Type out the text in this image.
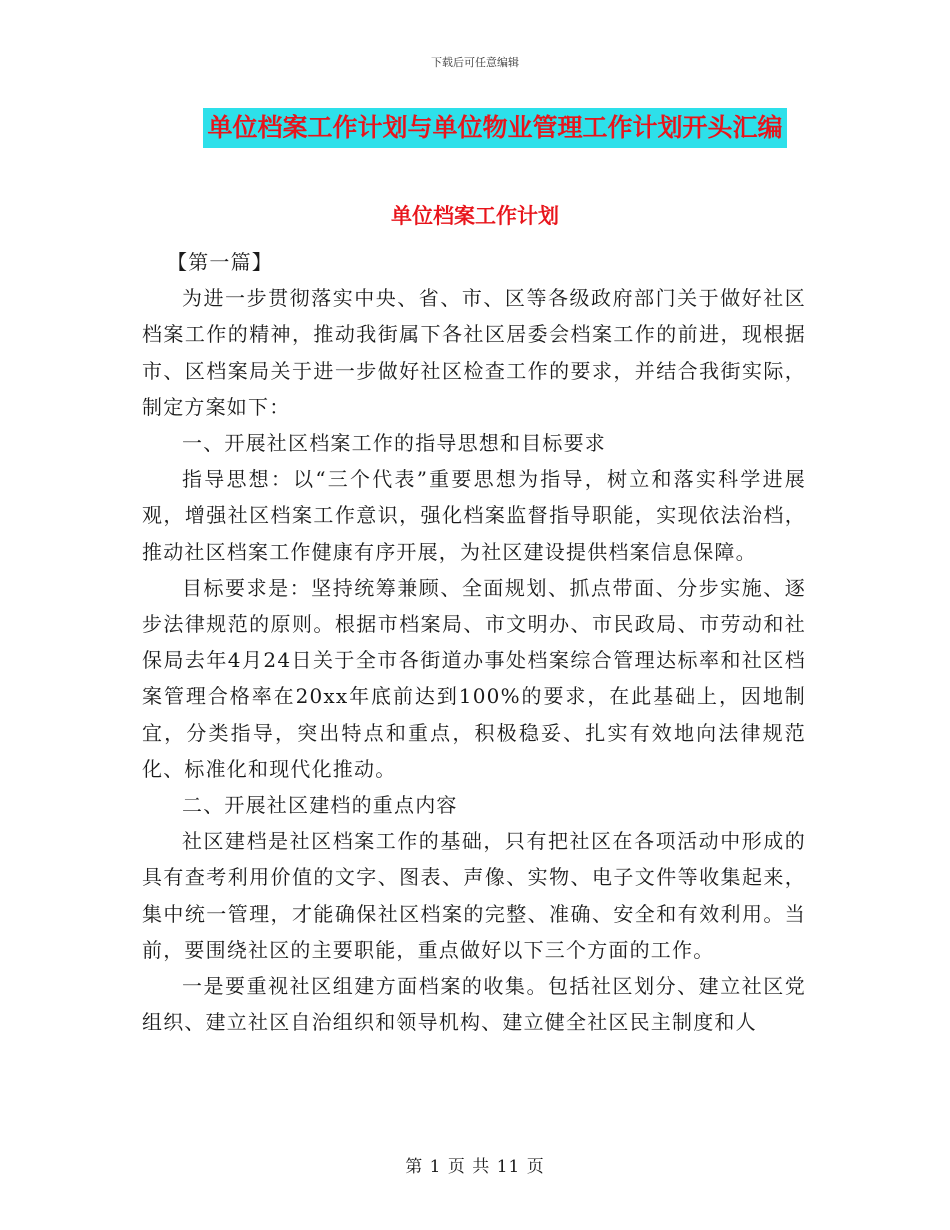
下载后可任意编辑
单位档案工作计划与单位物业管理工作计划开头汇编
单位档案工作计划

【第一篇】

为进一步贯彻落实中央、省、市、区等各级政府部门关于做好社区档案工作的精神，推动我街属下各社区居委会档案工作的前进，现根据市、区档案局关于进一步做好社区检查工作的要求，并结合我街实际，制定方案如下：

一、开展社区档案工作的指导思想和目标要求

指导思想：以“三个代表”重要思想为指导，树立和落实科学进展观，增强社区档案工作意识，强化档案监督指导职能，实现依法治档，推动社区档案工作健康有序开展，为社区建设提供档案信息保障。

目标要求是：坚持统筹兼顾、全面规划、抓点带面、分步实施、逐步法律规范的原则。根据市档案局、市文明办、市民政局、市劳动和社保局去年4月24日关于全市各街道办事处档案综合管理达标率和社区档案管理合格率在20xx年底前达到100%的要求，在此基础上，因地制宜，分类指导，突出特点和重点，积极稳妥、扎实有效地向法律规范化、标准化和现代化推动。

二、开展社区建档的重点内容

社区建档是社区档案工作的基础，只有把社区在各项活动中形成的具有查考利用价值的文字、图表、声像、实物、电子文件等收集起来，集中统一管理，才能确保社区档案的完整、准确、安全和有效利用。当前，要围绕社区的主要职能，重点做好以下三个方面的工作。

一是要重视社区组建方面档案的收集。包括社区划分、建立社区党组织、建立社区自治组织和领导机构、建立健全社区民主制度和人

第 1 页 共 11 页
